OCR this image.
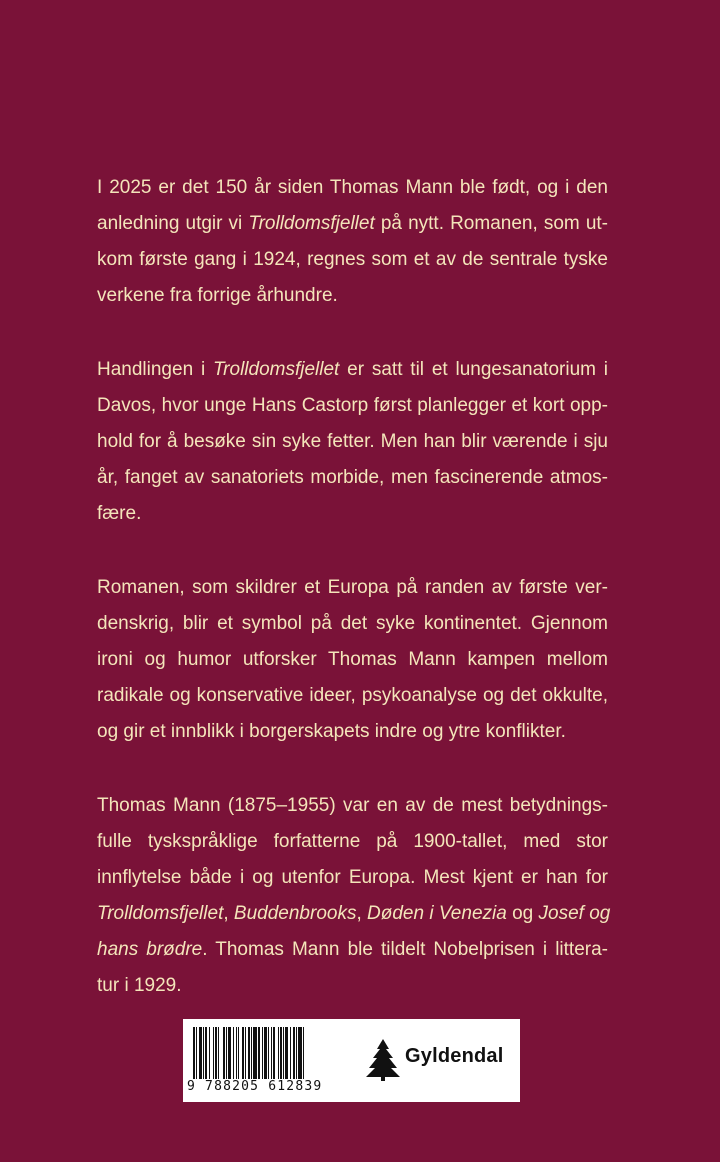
I 2025 er det 150 år siden Thomas Mann ble født, og i den
anledning utgir vi Trolldomsfjellet på nytt. Romanen, som ut-
kom første gang i 1924, regnes som et av de sentrale tyske
verkene fra forrige århundre.
Handlingen i Trolldomsfjellet er satt til et lungesanatorium i
Davos, hvor unge Hans Castorp først planlegger et kort opp-
hold for å besøke sin syke fetter. Men han blir værende i sju
år, fanget av sanatoriets morbide, men fascinerende atmos-
fære.
Romanen, som skildrer et Europa på randen av første ver-
denskrig, blir et symbol på det syke kontinentet. Gjennom
ironi og humor utforsker Thomas Mann kampen mellom
radikale og konservative ideer, psykoanalyse og det okkulte,
og gir et innblikk i borgerskapets indre og ytre konflikter.
Thomas Mann (1875–1955) var en av de mest betydnings-
fulle tyskspråklige forfatterne på 1900-tallet, med stor
innflytelse både i og utenfor Europa. Mest kjent er han for
Trolldomsfjellet, Buddenbrooks, Døden i Venezia og Josef og
hans brødre. Thomas Mann ble tildelt Nobelprisen i littera-
tur i 1929.
9 788205 612839
Gyldendal
